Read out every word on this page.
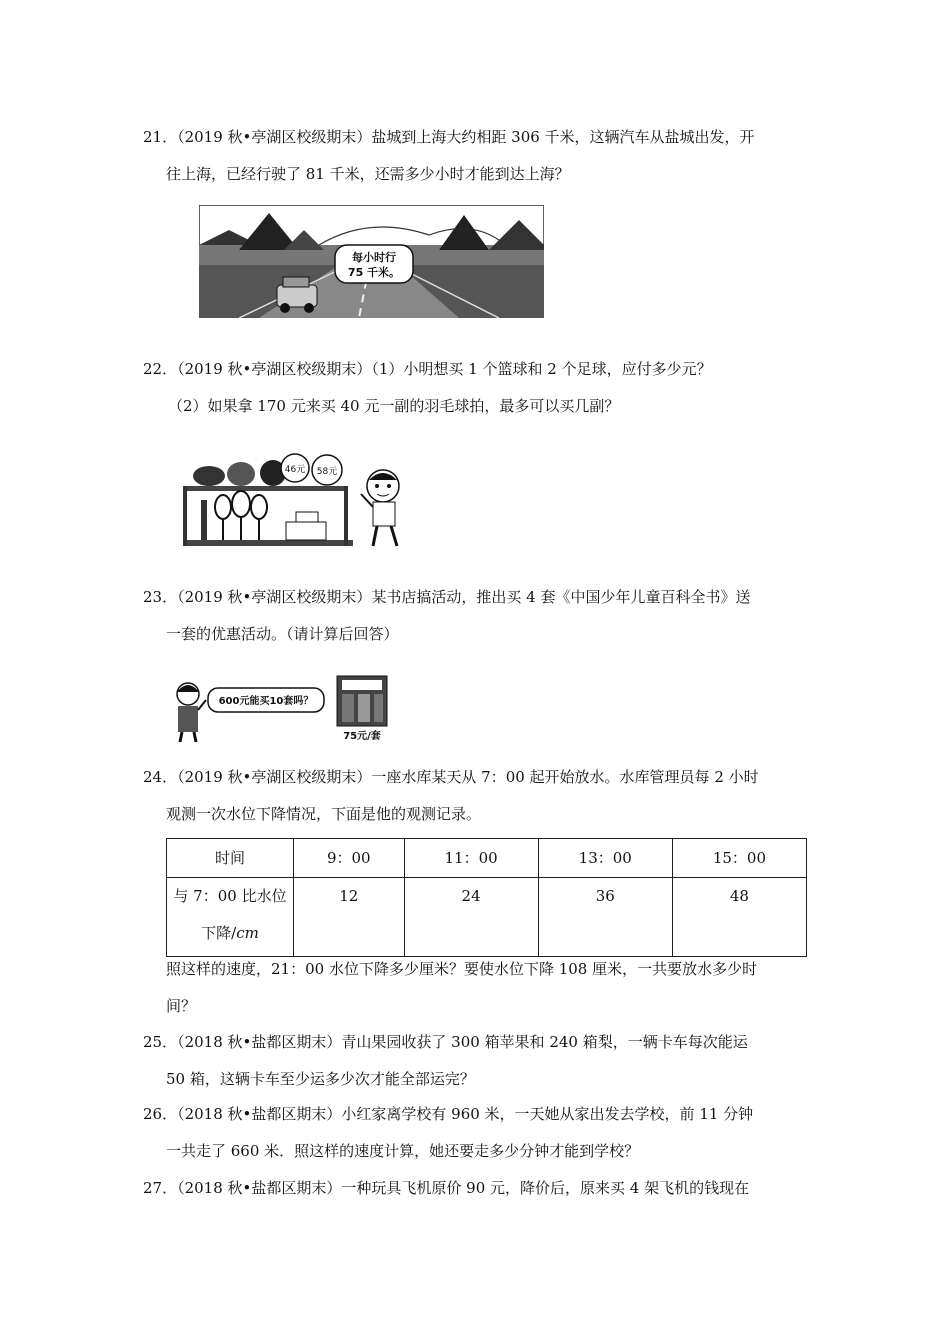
21．（2019 秋•亭湖区校级期末）盐城到上海大约相距 306 千米，这辆汽车从盐城出发，开
往上海，已经行驶了 81 千米，还需多少小时才能到达上海？
每小时行
75 千米。
22．（2019 秋•亭湖区校级期末）（1）小明想买 1 个篮球和 2 个足球，应付多少元？
（2）如果拿 170 元来买 40 元一副的羽毛球拍，最多可以买几副？
46元 58元
23．（2019 秋•亭湖区校级期末）某书店搞活动，推出买 4 套《中国少年儿童百科全书》送
一套的优惠活动。（请计算后回答）
600元能买10套吗？
75元/套
24．（2019 秋•亭湖区校级期末）一座水库某天从 7：00 起开始放水。水库管理员每 2 小时
观测一次水位下降情况，下面是他的观测记录。
时间	9：00	11：00	13：00	15：00

与 7：00 比水位
下降/cm	12	24	36	48
照这样的速度，21：00 水位下降多少厘米？要使水位下降 108 厘米，一共要放水多少时
间？
25．（2018 秋•盐都区期末）青山果园收获了 300 箱苹果和 240 箱梨，一辆卡车每次能运
50 箱，这辆卡车至少运多少次才能全部运完？
26．（2018 秋•盐都区期末）小红家离学校有 960 米，一天她从家出发去学校，前 11 分钟
一共走了 660 米．照这样的速度计算，她还要走多少分钟才能到学校？
27．（2018 秋•盐都区期末）一种玩具飞机原价 90 元，降价后，原来买 4 架飞机的钱现在
